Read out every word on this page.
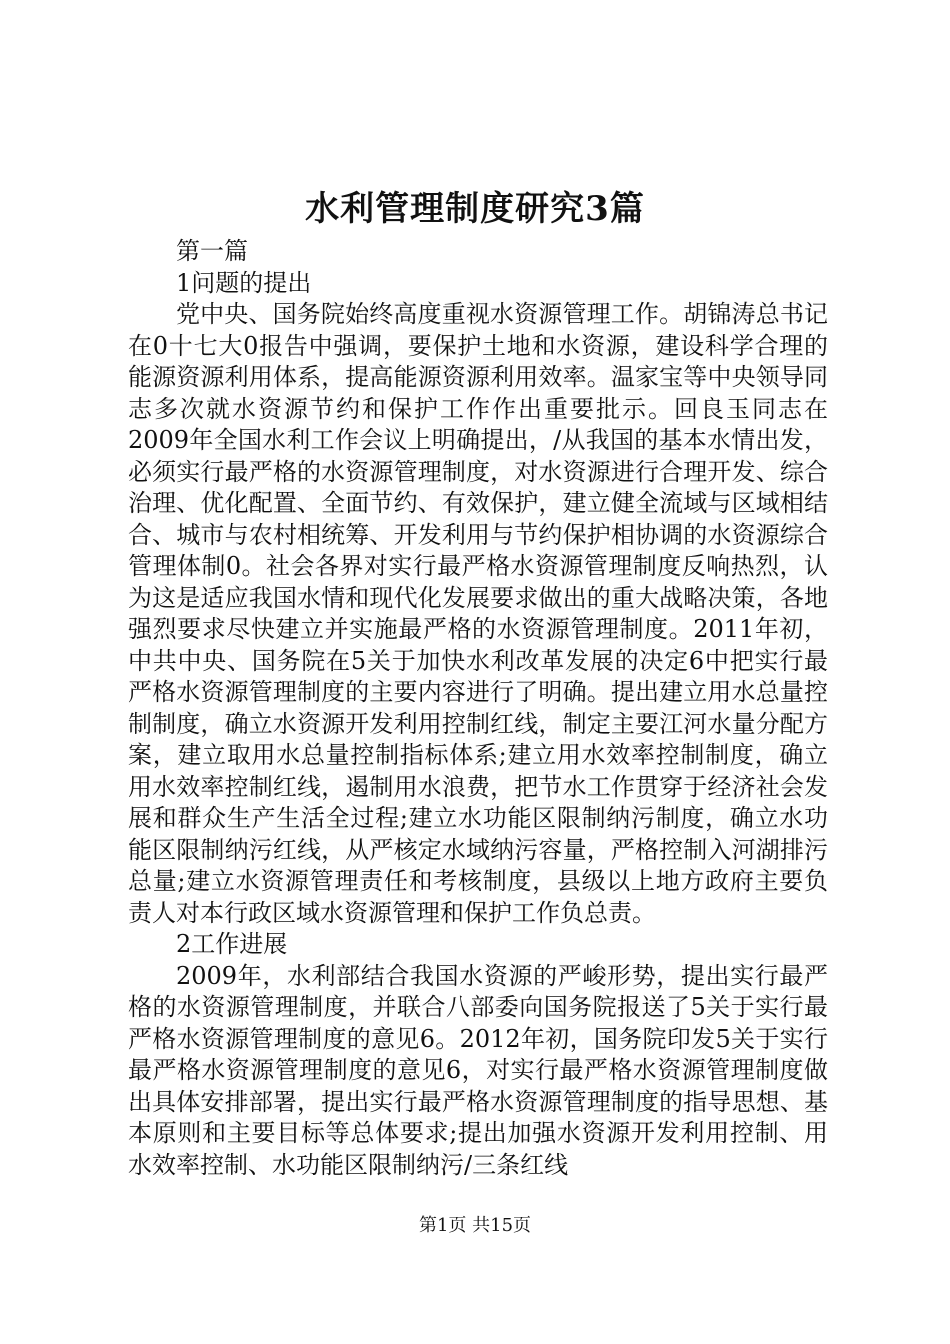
水利管理制度研究3篇

第一篇

1问题的提出

党中央、国务院始终高度重视水资源管理工作。胡锦涛总书记在0十七大0报告中强调，要保护土地和水资源，建设科学合理的能源资源利用体系，提高能源资源利用效率。温家宝等中央领导同志多次就水资源节约和保护工作作出重要批示。回良玉同志在2009年全国水利工作会议上明确提出，/从我国的基本水情出发，必须实行最严格的水资源管理制度，对水资源进行合理开发、综合治理、优化配置、全面节约、有效保护，建立健全流域与区域相结合、城市与农村相统筹、开发利用与节约保护相协调的水资源综合管理体制0。社会各界对实行最严格水资源管理制度反响热烈，认为这是适应我国水情和现代化发展要求做出的重大战略决策，各地强烈要求尽快建立并实施最严格的水资源管理制度。2011年初，中共中央、国务院在5关于加快水利改革发展的决定6中把实行最严格水资源管理制度的主要内容进行了明确。提出建立用水总量控制制度，确立水资源开发利用控制红线，制定主要江河水量分配方案，建立取用水总量控制指标体系;建立用水效率控制制度，确立用水效率控制红线，遏制用水浪费，把节水工作贯穿于经济社会发展和群众生产生活全过程;建立水功能区限制纳污制度，确立水功能区限制纳污红线，从严核定水域纳污容量，严格控制入河湖排污总量;建立水资源管理责任和考核制度，县级以上地方政府主要负责人对本行政区域水资源管理和保护工作负总责。

2工作进展

2009年，水利部结合我国水资源的严峻形势，提出实行最严格的水资源管理制度，并联合八部委向国务院报送了5关于实行最严格水资源管理制度的意见6。2012年初，国务院印发5关于实行最严格水资源管理制度的意见6，对实行最严格水资源管理制度做出具体安排部署，提出实行最严格水资源管理制度的指导思想、基本原则和主要目标等总体要求;提出加强水资源开发利用控制、用水效率控制、水功能区限制纳污/三条红线

第1页 共15页
